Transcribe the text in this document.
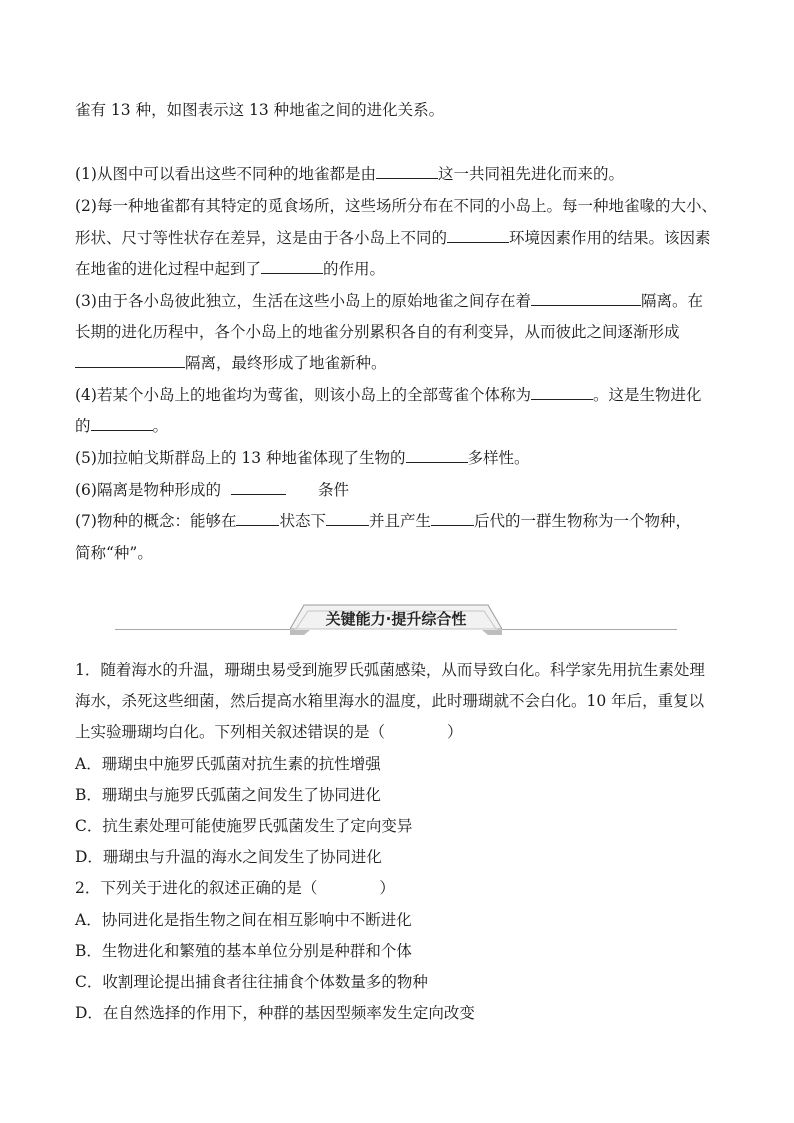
雀有 13 种，如图表示这 13 种地雀之间的进化关系。
(1)从图中可以看出这些不同种的地雀都是由	这一共同祖先进化而来的。
(2)每一种地雀都有其特定的觅食场所，这些场所分布在不同的小岛上。每一种地雀喙的大小、
形状、尺寸等性状存在差异，这是由于各小岛上不同的	环境因素作用的结果。该因素
在地雀的进化过程中起到了	的作用。
(3)由于各小岛彼此独立，生活在这些小岛上的原始地雀之间存在着	隔离。在
长期的进化历程中，各个小岛上的地雀分别累积各自的有利变异，从而彼此之间逐渐形成
隔离，最终形成了地雀新种。
(4)若某个小岛上的地雀均为莺雀，则该小岛上的全部莺雀个体称为	。这是生物进化
的	。
(5)加拉帕戈斯群岛上的 13 种地雀体现了生物的	多样性。
(6)隔离是物种形成的	条件
(7)物种的概念：能够在	状态下	并且产生	后代的一群生物称为一个物种，
简称“种”。
关键能力·提升综合性
1．随着海水的升温，珊瑚虫易受到施罗氏弧菌感染，从而导致白化。科学家先用抗生素处理
海水，杀死这些细菌，然后提高水箱里海水的温度，此时珊瑚就不会白化。10 年后，重复以
上实验珊瑚均白化。下列相关叙述错误的是（	）
A．珊瑚虫中施罗氏弧菌对抗生素的抗性增强
B．珊瑚虫与施罗氏弧菌之间发生了协同进化
C．抗生素处理可能使施罗氏弧菌发生了定向变异
D．珊瑚虫与升温的海水之间发生了协同进化
2．下列关于进化的叙述正确的是（	）
A．协同进化是指生物之间在相互影响中不断进化
B．生物进化和繁殖的基本单位分别是种群和个体
C．收割理论提出捕食者往往捕食个体数量多的物种
D．在自然选择的作用下，种群的基因型频率发生定向改变
